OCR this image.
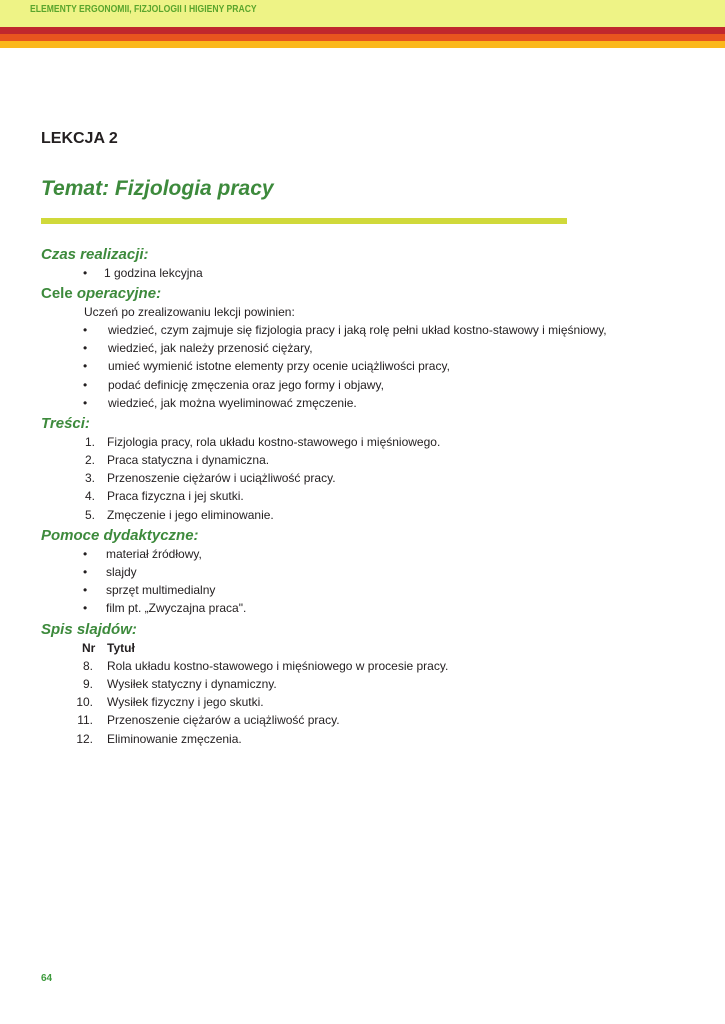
ELEMENTY ERGONOMII, FIZJOLOGII I HIGIENY PRACY
LEKCJA 2
Temat: Fizjologia pracy
Czas realizacji:
• 1 godzina lekcyjna
Cele operacyjne:
Uczeń po zrealizowaniu lekcji powinien:
• wiedzieć, czym zajmuje się fizjologia pracy i jaką rolę pełni układ kostno-stawowy i mięśniowy,
• wiedzieć, jak należy przenosić ciężary,
• umieć wymienić istotne elementy przy ocenie uciążliwości pracy,
• podać definicję zmęczenia oraz jego formy i objawy,
• wiedzieć, jak można wyeliminować zmęczenie.
Treści:
1. Fizjologia pracy, rola układu kostno-stawowego i mięśniowego.
2. Praca statyczna i dynamiczna.
3. Przenoszenie ciężarów i uciążliwość pracy.
4. Praca fizyczna i jej skutki.
5. Zmęczenie i jego eliminowanie.
Pomoce dydaktyczne:
• materiał źródłowy,
• slajdy
• sprzęt multimedialny
• film pt. „Zwyczajna praca".
Spis slajdów:
Nr Tytuł
8. Rola układu kostno-stawowego i mięśniowego w procesie pracy.
9. Wysiłek statyczny i dynamiczny.
10. Wysiłek fizyczny i jego skutki.
11. Przenoszenie ciężarów a uciążliwość pracy.
12. Eliminowanie zmęczenia.
64
